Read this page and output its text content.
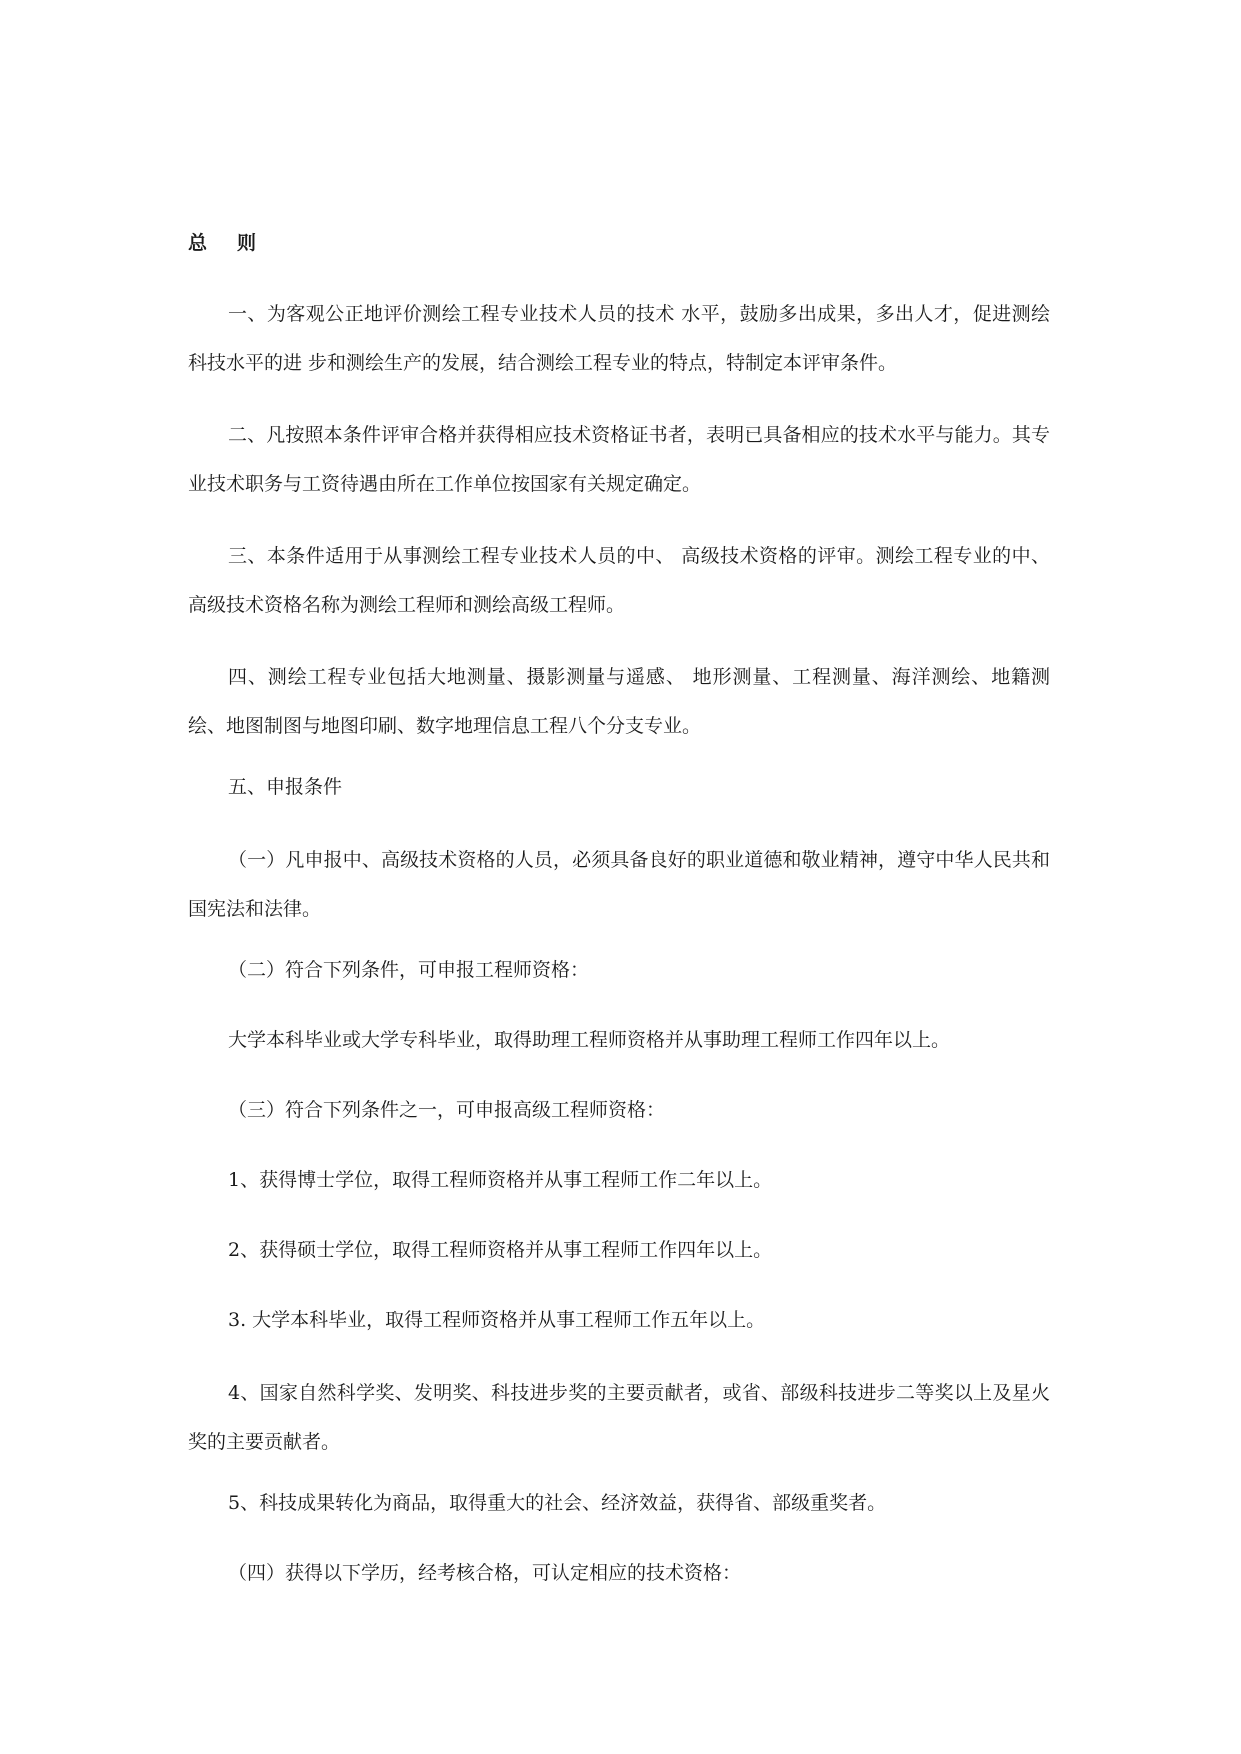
总则

一、为客观公正地评价测绘工程专业技术人员的技术 水平，鼓励多出成果，多出人才，促进测绘科技水平的进 步和测绘生产的发展，结合测绘工程专业的特点，特制定本评审条件。

二、凡按照本条件评审合格并获得相应技术资格证书者，表明已具备相应的技术水平与能力。其专业技术职务与工资待遇由所在工作单位按国家有关规定确定。

三、本条件适用于从事测绘工程专业技术人员的中、 高级技术资格的评审。测绘工程专业的中、高级技术资格名称为测绘工程师和测绘高级工程师。

四、测绘工程专业包括大地测量、摄影测量与遥感、 地形测量、工程测量、海洋测绘、地籍测绘、地图制图与地图印刷、数字地理信息工程八个分支专业。

五、申报条件

（一）凡申报中、高级技术资格的人员，必须具备良好的职业道德和敬业精神，遵守中华人民共和国宪法和法律。

（二）符合下列条件，可申报工程师资格：

大学本科毕业或大学专科毕业，取得助理工程师资格并从事助理工程师工作四年以上。

（三）符合下列条件之一，可申报高级工程师资格：

1、获得博士学位，取得工程师资格并从事工程师工作二年以上。

2、获得硕士学位，取得工程师资格并从事工程师工作四年以上。

3. 大学本科毕业，取得工程师资格并从事工程师工作五年以上。

4、国家自然科学奖、发明奖、科技进步奖的主要贡献者，或省、部级科技进步二等奖以上及星火奖的主要贡献者。

5、科技成果转化为商品，取得重大的社会、经济效益，获得省、部级重奖者。

（四）获得以下学历，经考核合格，可认定相应的技术资格：
